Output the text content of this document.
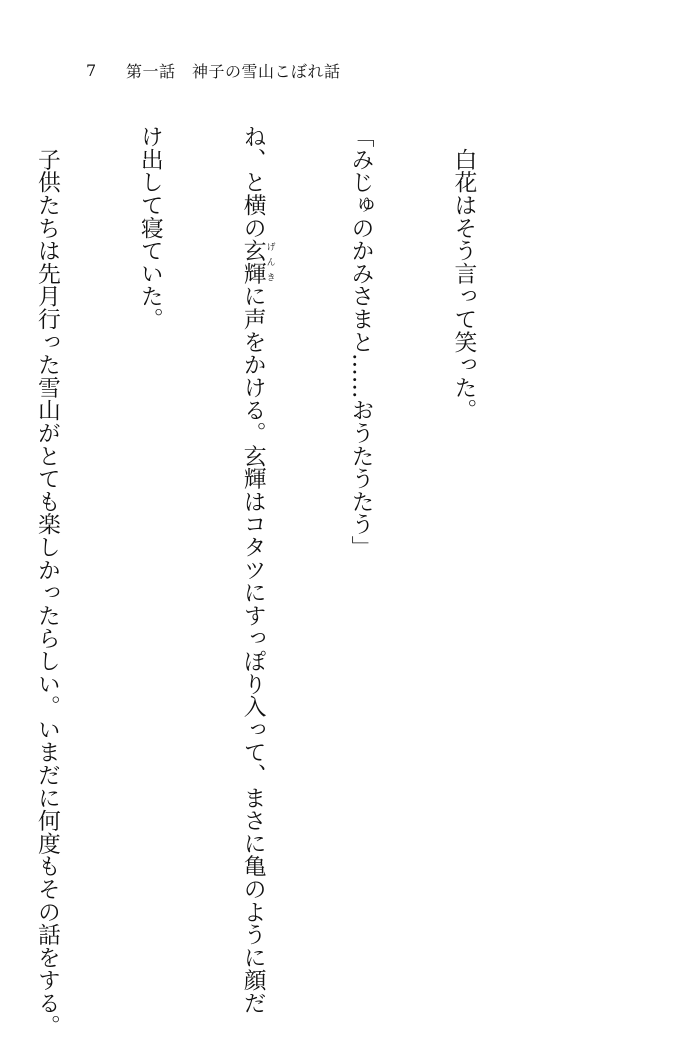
7	第一話　神子の雪山こぼれ話

　白花はそう言って笑った。

「みじゅのかみさまと……おうたうたう」

ね、と横の玄輝 げんきに声をかける。玄輝はコタツにすっぽり入って、まさに亀のように顔だ

け出して寝ていた。

　子供たちは先月行った雪山がとても楽しかったらしい。いまだに何度もその話をする。
